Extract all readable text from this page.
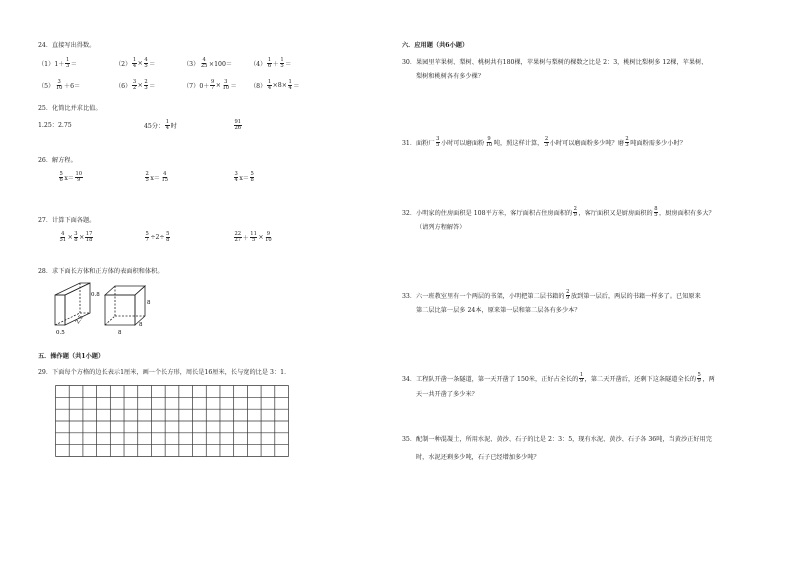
24．直接写出得数。
（1） $1+ \frac{1}{3}$ ＝	$(2) \frac{1}{4} \times \frac{4}{5}$ ＝	$(3) \frac{4}{25} \times 100=$	$(4) \frac{1}{6} + \frac{1}{5}$ ＝
$(5) \frac{3}{10} +6=$	$(6) \frac{3}{2} \times \frac{2}{3}$ ＝	（7） $0+ \frac{9}{7} \times \frac{3}{10} = (8) \frac{1}{4} \times 8\times \frac{1}{4}$ ＝
25．化简比并求比值。
1.25：2.75	45分： $\frac{1}{4}$ 时	$\frac{91}{26}$
26．解方程。
$\frac{5}{6} x= \frac{10}{9}$	$\frac{2}{5} x= \frac{4}{15}$	$\frac{3}{4} x= \frac{5}{8}$
27．计算下面各题。
$\frac{4}{51} \times \frac{3}{8} \times \frac{17}{18}$	$\frac{5}{7} \div 2\div \frac{5}{8}$	$\frac{22}{27} + \frac{11}{5} \times \frac{9}{10}$
28．求下面长方体和正方体的表面积和体积。
0.8
2.5
0.5
8
8
8
五．操作题（共1小题）
29．下面每个方格的边长表示1厘米，画一个长方形，周长是16厘米，长与宽的比是 3：1．
六．应用题（共6小题）
30．果园里苹果树、梨树、桃树共有180棵，苹果树与梨树的棵数之比是 2：3，桃树比梨树多 12棵，苹果树、
梨树和桃树各有多少棵？
31．面粉厂 $\frac{3}{5}$ 小时可以磨面粉 $\frac{9}{10}$ 吨，照这样计算， $\frac{2}{3}$ 小时可以磨面粉多少吨？磨 $\frac{2}{3}$ 吨面粉需多少小时？
32．小明家的住房面积是 108平方米，客厅面积占住房面积的 $\frac{2}{9}$ ，客厅面积又是厨房面积的 $\frac{8}{5}$ ，厨房面积有多大？
（请列方程解答）
33．六一班教室里有一个两层的书架，小明把第二层书籍的 $\frac{2}{9}$ 放到第一层后，两层的书籍一样多了。已知原来
第二层比第一层多 24本，原来第一层和第二层各有多少本？
34．工程队开凿一条隧道，第一天开凿了 150米，正好占全长的 $\frac{1}{9}$ ，第二天开凿后，还剩下这条隧道全长的 $\frac{5}{9}$ ，两
天一共开凿了多少米？
35．配制一种混凝土，所用水泥、黄沙、石子的比是 2：3：5，现有水泥、黄沙、石子各 36吨，当黄沙正好用完
时，水泥还剩多少吨，石子已经增加多少吨？
